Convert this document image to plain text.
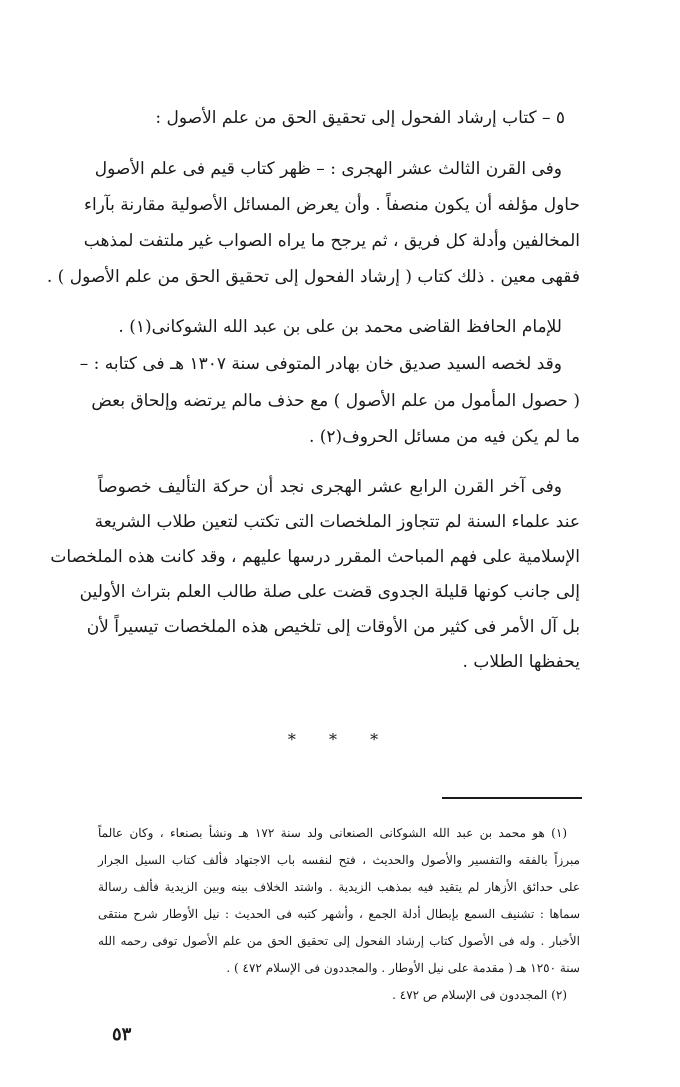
٥ – كتاب إرشاد الفحول إلى تحقيق الحق من علم الأصول :
وفى القرن الثالث عشر الهجرى : – ظهر كتاب قيم فى علم الأصول
حاول مؤلفه أن يكون منصفاً . وأن يعرض المسائل الأصولية مقارنة بآراء
المخالفين وأدلة كل فريق ، ثم يرجح ما يراه الصواب غير ملتفت لمذهب
فقهى معين . ذلك كتاب ( إرشاد الفحول إلى تحقيق الحق من علم الأصول ) .
للإمام الحافظ القاضى محمد بن على بن عبد الله الشوكانى(١) .
وقد لخصه السيد صديق خان بهادر المتوفى سنة ١٣٠٧ هـ فى كتابه : –
( حصول المأمول من علم الأصول ) مع حذف مالم يرتضه وإلحاق بعض
ما لم يكن فيه من مسائل الحروف(٢) .
وفى آخر القرن الرابع عشر الهجرى نجد أن حركة التأليف خصوصاً
عند علماء السنة لم تتجاوز الملخصات التى تكتب لتعين طلاب الشريعة
الإسلامية على فهم المباحث المقرر درسها عليهم ، وقد كانت هذه الملخصات
إلى جانب كونها قليلة الجدوى قضت على صلة طالب العلم بتراث الأولين
بل آل الأمر فى كثير من الأوقات إلى تلخيص هذه الملخصات تيسيراً لأن
يحفظها الطلاب .
* * *
(١) هو محمد بن عبد الله الشوكانى الصنعانى ولد سنة ١٧٢ هـ ونشأ بصنعاء ، وكان عالماً
مبرزاً بالفقه والتفسير والأصول والحديث ، فتح لنفسه باب الاجتهاد فألف كتاب السيل الجرار
على حدائق الأزهار لم يتقيد فيه بمذهب الزيدية . واشتد الخلاف بينه وبين الزيدية فألف رسالة
سماها : تشنيف السمع بإبطال أدلة الجمع ، وأشهر كتبه فى الحديث : نيل الأوطار شرح منتقى
الأخبار . وله فى الأصول كتاب إرشاد الفحول إلى تحقيق الحق من علم الأصول توفى رحمه الله
سنة ١٢٥٠ هـ ( مقدمة على نيل الأوطار . والمجددون فى الإسلام ٤٧٢ ) .
(٢) المجددون فى الإسلام ص ٤٧٢ .
٥٣
